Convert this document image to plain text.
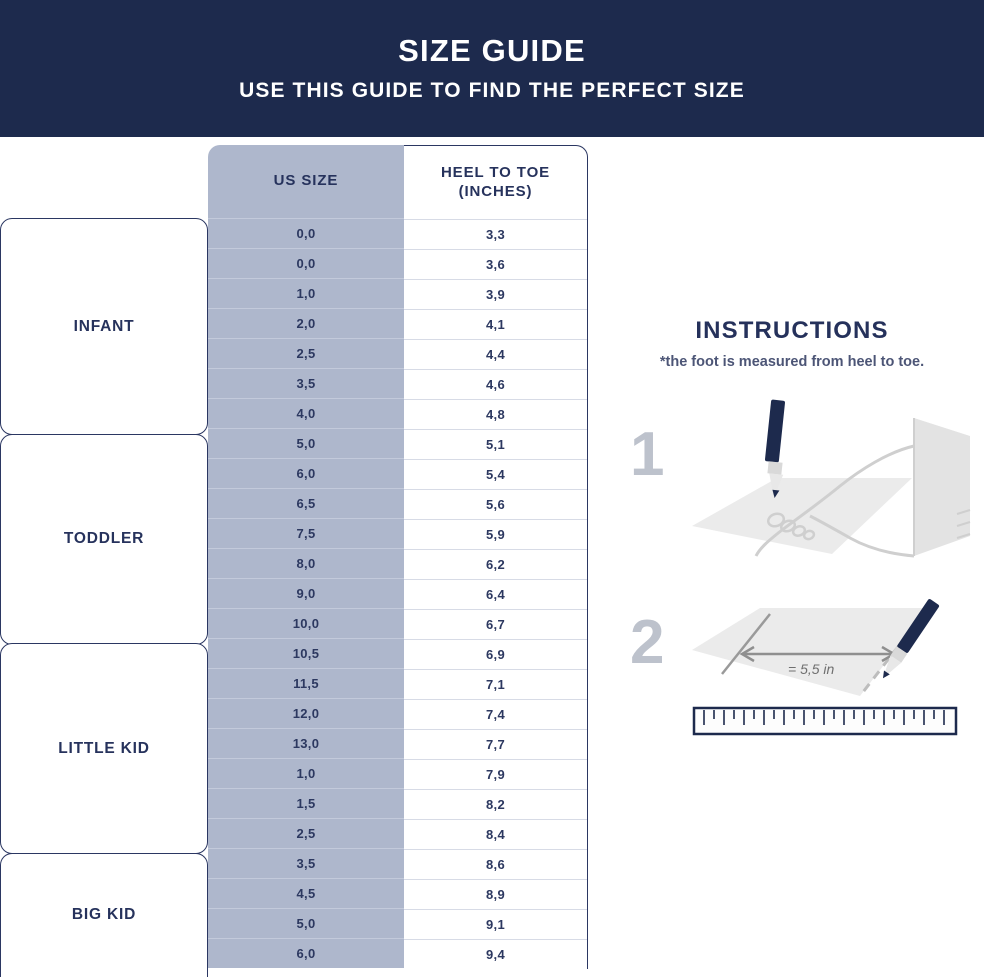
SIZE GUIDE
USE THIS GUIDE TO FIND THE PERFECT SIZE
INFANT
TODDLER
LITTLE KID
BIG KID
US SIZE
0,0
0,0
1,0
2,0
2,5
3,5
4,0
5,0
6,0
6,5
7,5
8,0
9,0
10,0
10,5
11,5
12,0
13,0
1,0
1,5
2,5
3,5
4,5
5,0
6,0
HEEL TO TOE
(INCHES)
3,3
3,6
3,9
4,1
4,4
4,6
4,8
5,1
5,4
5,6
5,9
6,2
6,4
6,7
6,9
7,1
7,4
7,7
7,9
8,2
8,4
8,6
8,9
9,1
9,4
INSTRUCTIONS
*the foot is measured from heel to toe.
1
2	= 5,5 in
